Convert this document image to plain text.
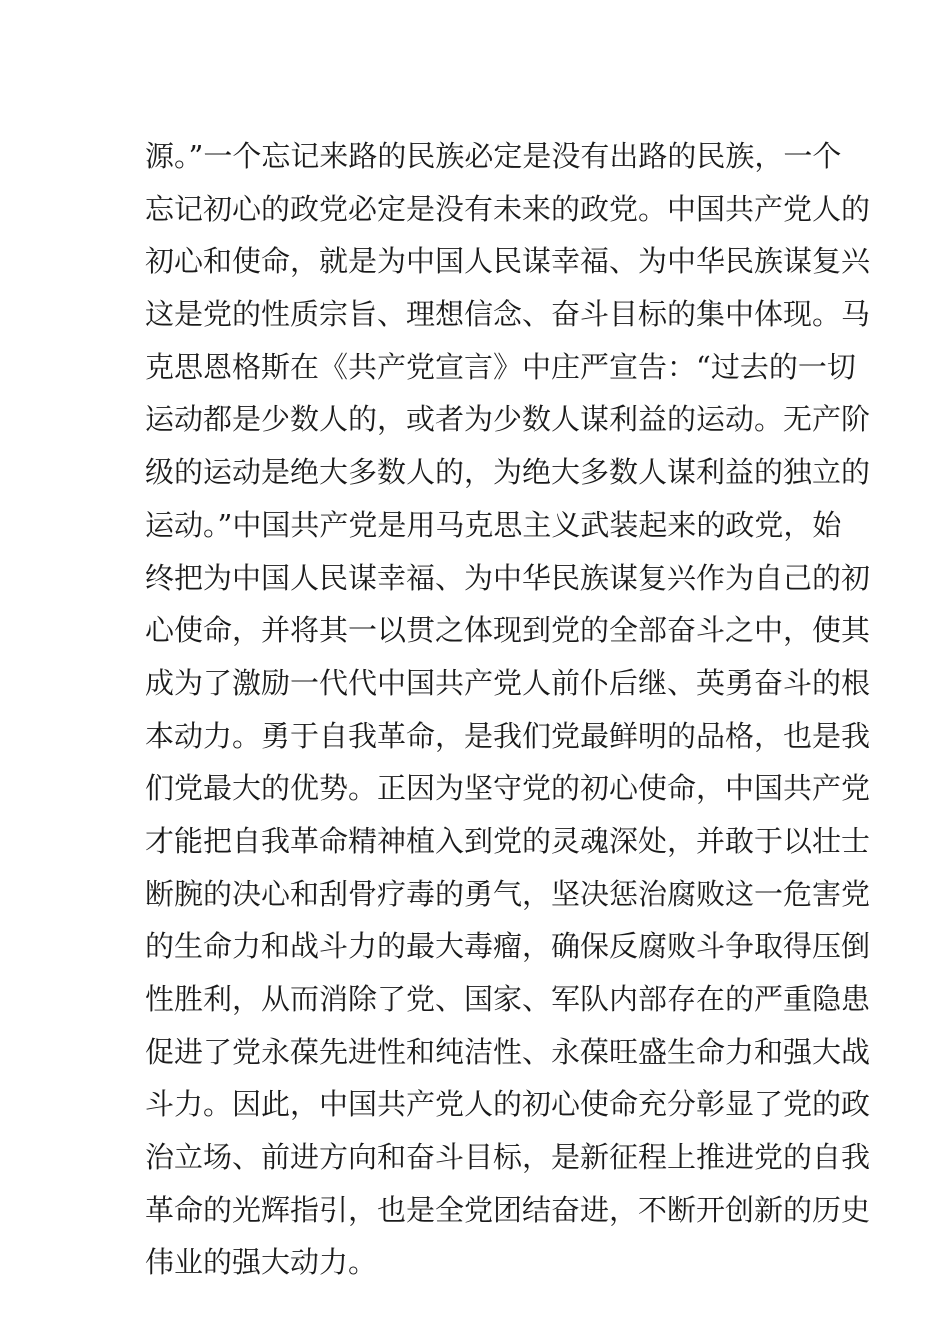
源。”一个忘记来路的民族必定是没有出路的民族，一个
忘记初心的政党必定是没有未来的政党。中国共产党人的
初心和使命，就是为中国人民谋幸福、为中华民族谋复兴
这是党的性质宗旨、理想信念、奋斗目标的集中体现。马
克思恩格斯在《共产党宣言》中庄严宣告：“过去的一切
运动都是少数人的，或者为少数人谋利益的运动。无产阶
级的运动是绝大多数人的，为绝大多数人谋利益的独立的
运动。”中国共产党是用马克思主义武装起来的政党，始
终把为中国人民谋幸福、为中华民族谋复兴作为自己的初
心使命，并将其一以贯之体现到党的全部奋斗之中，使其
成为了激励一代代中国共产党人前仆后继、英勇奋斗的根
本动力。勇于自我革命，是我们党最鲜明的品格，也是我
们党最大的优势。正因为坚守党的初心使命，中国共产党
才能把自我革命精神植入到党的灵魂深处，并敢于以壮士
断腕的决心和刮骨疗毒的勇气，坚决惩治腐败这一危害党
的生命力和战斗力的最大毒瘤，确保反腐败斗争取得压倒
性胜利，从而消除了党、国家、军队内部存在的严重隐患
促进了党永葆先进性和纯洁性、永葆旺盛生命力和强大战
斗力。因此，中国共产党人的初心使命充分彰显了党的政
治立场、前进方向和奋斗目标，是新征程上推进党的自我
革命的光辉指引，也是全党团结奋进，不断开创新的历史
伟业的强大动力。
